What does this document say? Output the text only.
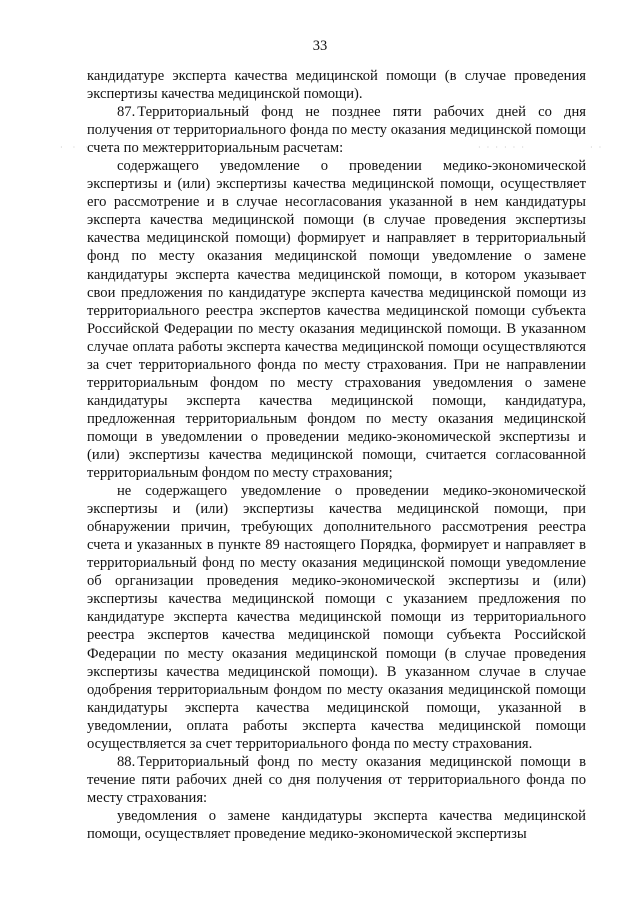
33
·  ·  ·	· · · · · ·	· ·

кандидатуре эксперта качества медицинской помощи (в случае проведения экспертизы качества медицинской помощи).

87. Территориальный фонд не позднее пяти рабочих дней со дня получения от территориального фонда по месту оказания медицинской помощи счета по межтерриториальным расчетам:

содержащего уведомление о проведении медико-экономической экспертизы и (или) экспертизы качества медицинской помощи, осуществляет его рассмотрение и в случае несогласования указанной в нем кандидатуры эксперта качества медицинской помощи (в случае проведения экспертизы качества медицинской помощи) формирует и направляет в территориальный фонд по месту оказания медицинской помощи уведомление о замене кандидатуры эксперта качества медицинской помощи, в котором указывает свои предложения по кандидатуре эксперта качества медицинской помощи из территориального реестра экспертов качества медицинской помощи субъекта Российской Федерации по месту оказания медицинской помощи. В указанном случае оплата работы эксперта качества медицинской помощи осуществляются за счет территориального фонда по месту страхования. При не направлении территориальным фондом по месту страхования уведомления о замене кандидатуры эксперта качества медицинской помощи, кандидатура, предложенная территориальным фондом по месту оказания медицинской помощи в уведомлении о проведении медико-экономической экспертизы и (или) экспертизы качества медицинской помощи, считается согласованной территориальным фондом по месту страхования;

не содержащего уведомление о проведении медико-экономической экспертизы и (или) экспертизы качества медицинской помощи, при обнаружении причин, требующих дополнительного рассмотрения реестра счета и указанных в пункте 89 настоящего Порядка, формирует и направляет в территориальный фонд по месту оказания медицинской помощи уведомление об организации проведения медико-экономической экспертизы и (или) экспертизы качества медицинской помощи с указанием предложения по кандидатуре эксперта качества медицинской помощи из территориального реестра экспертов качества медицинской помощи субъекта Российской Федерации по месту оказания медицинской помощи (в случае проведения экспертизы качества медицинской помощи). В указанном случае в случае одобрения территориальным фондом по месту оказания медицинской помощи кандидатуры эксперта качества медицинской помощи, указанной в уведомлении, оплата работы эксперта качества медицинской помощи осуществляется за счет территориального фонда по месту страхования.

88. Территориальный фонд по месту оказания медицинской помощи в течение пяти рабочих дней со дня получения от территориального фонда по месту страхования:

уведомления о замене кандидатуры эксперта качества медицинской помощи, осуществляет проведение медико-экономической экспертизы
